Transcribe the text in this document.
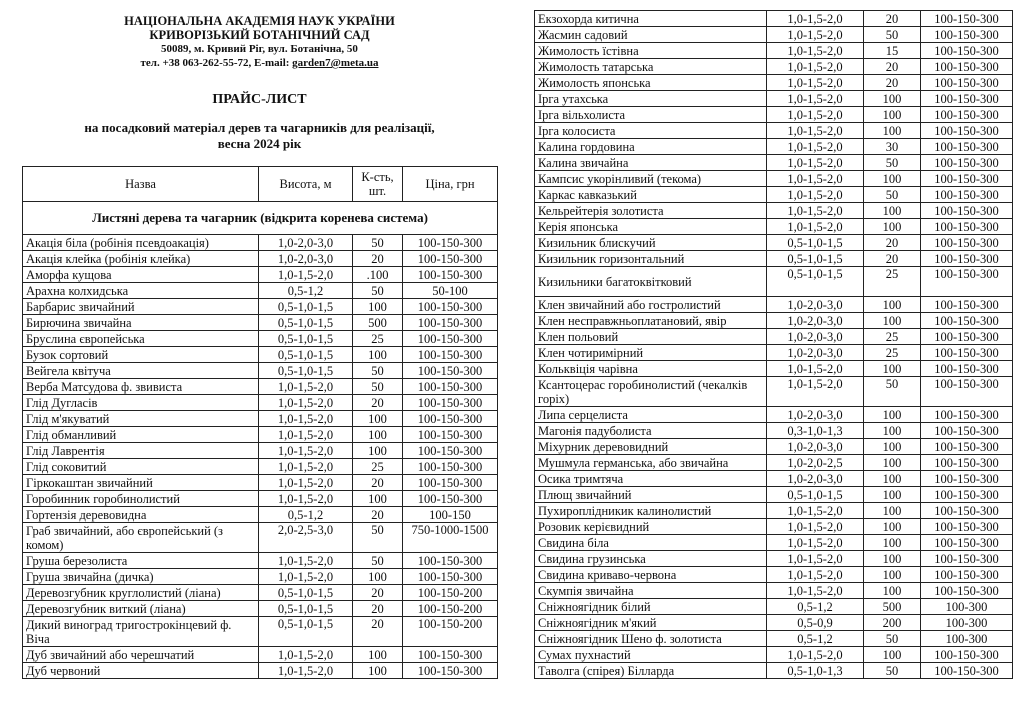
НАЦІОНАЛЬНА АКАДЕМІЯ НАУК УКРАЇНИ
КРИВОРІЗЬКИЙ БОТАНІЧНИЙ САД
50089, м. Кривий Ріг, вул. Ботанічна, 50
тел. +38 063-262-55-72, E-mail: garden7@meta.ua
ПРАЙС-ЛИСТ
на посадковий матеріал дерев та чагарників для реалізації,
весна 2024 рік
Назва	Висота, м	К-сть, шт.	Ціна, грн
Листяні дерева та чагарник (відкрита коренева система)			
Акація біла (робінія псевдоакація)	1,0-2,0-3,0	50	100-150-300
Акація клейка (робінія клейка)	1,0-2,0-3,0	20	100-150-300
Аморфа кущова	1,0-1,5-2,0	.100	100-150-300
Арахна колхидська	0,5-1,2	50	50-100
Барбарис звичайний	0,5-1,0-1,5	100	100-150-300
Бирючина звичайна	0,5-1,0-1,5	500	100-150-300
Бруслина європейська	0,5-1,0-1,5	25	100-150-300
Бузок сортовий	0,5-1,0-1,5	100	100-150-300
Вейгела квітуча	0,5-1,0-1,5	50	100-150-300
Верба Матсудова ф. звивиста	1,0-1,5-2,0	50	100-150-300
Глід Дугласів	1,0-1,5-2,0	20	100-150-300
Глід м'якуватий	1,0-1,5-2,0	100	100-150-300
Глід обманливий	1,0-1,5-2,0	100	100-150-300
Глід Лаврентія	1,0-1,5-2,0	100	100-150-300
Глід соковитий	1,0-1,5-2,0	25	100-150-300
Гіркокаштан звичайний	1,0-1,5-2,0	20	100-150-300
Горобинник горобинолистий	1,0-1,5-2,0	100	100-150-300
Гортензія деревовидна	0,5-1,2	20	100-150
Граб звичайний, або європейський (з комом)	2,0-2,5-3,0	50	750-1000-1500
Груша березолиста	1,0-1,5-2,0	50	100-150-300
Груша звичайна (дичка)	1,0-1,5-2,0	100	100-150-300
Деревозгубник круглолистий (ліана)	0,5-1,0-1,5	20	100-150-200
Деревозгубник виткий (ліана)	0,5-1,0-1,5	20	100-150-200
Дикий виноград тригострокінцевий ф. Віча	0,5-1,0-1,5	20	100-150-200
Дуб звичайний або черешчатий	1,0-1,5-2,0	100	100-150-300
Дуб червоний	1,0-1,5-2,0	100	100-150-300
Екзохорда китична	1,0-1,5-2,0	20	100-150-300
Жасмин садовий	1,0-1,5-2,0	50	100-150-300
Жимолость їстівна	1,0-1,5-2,0	15	100-150-300
Жимолость татарська	1,0-1,5-2,0	20	100-150-300
Жимолость японська	1,0-1,5-2,0	20	100-150-300
Ірга утахська	1,0-1,5-2,0	100	100-150-300
Ірга вільхолиста	1,0-1,5-2,0	100	100-150-300
Ірга колосиста	1,0-1,5-2,0	100	100-150-300
Калина гордовина	1,0-1,5-2,0	30	100-150-300
Калина звичайна	1,0-1,5-2,0	50	100-150-300
Кампсис укорінливий (текома)	1,0-1,5-2,0	100	100-150-300
Каркас кавказький	1,0-1,5-2,0	50	100-150-300
Кельрейтерія золотиста	1,0-1,5-2,0	100	100-150-300
Керія японська	1,0-1,5-2,0	100	100-150-300
Кизильник блискучий	0,5-1,0-1,5	20	100-150-300
Кизильник горизонтальний	0,5-1,0-1,5	20	100-150-300
Кизильники багатоквітковий	0,5-1,0-1,5	25	100-150-300
Клен звичайний або гостролистий	1,0-2,0-3,0	100	100-150-300
Клен несправжньоплатановий, явір	1,0-2,0-3,0	100	100-150-300
Клен польовий	1,0-2,0-3,0	25	100-150-300
Клен чотиримірний	1,0-2,0-3,0	25	100-150-300
Кольквіція чарівна	1,0-1,5-2,0	100	100-150-300
Ксантоцерас горобинолистий (чекалків горіх)	1,0-1,5-2,0	50	100-150-300
Липа серцелиста	1,0-2,0-3,0	100	100-150-300
Магонія падуболиста	0,3-1,0-1,3	100	100-150-300
Міхурник деревовидний	1,0-2,0-3,0	100	100-150-300
Мушмула германська, або звичайна	1,0-2,0-2,5	100	100-150-300
Осика тримтяча	1,0-2,0-3,0	100	100-150-300
Плющ звичайний	0,5-1,0-1,5	100	100-150-300
Пухироплідникик калинолистий	1,0-1,5-2,0	100	100-150-300
Розовик керієвидний	1,0-1,5-2,0	100	100-150-300
Свидина біла	1,0-1,5-2,0	100	100-150-300
Свидина грузинська	1,0-1,5-2,0	100	100-150-300
Свидина криваво-червона	1,0-1,5-2,0	100	100-150-300
Скумпія звичайна	1,0-1,5-2,0	100	100-150-300
Сніжноягідник білий	0,5-1,2	500	100-300
Сніжноягідник м'який	0,5-0,9	200	100-300
Сніжноягідник Шено ф. золотиста	0,5-1,2	50	100-300
Сумах пухнастий	1,0-1,5-2,0	100	100-150-300
Таволга (спірея) Білларда	0,5-1,0-1,3	50	100-150-300
